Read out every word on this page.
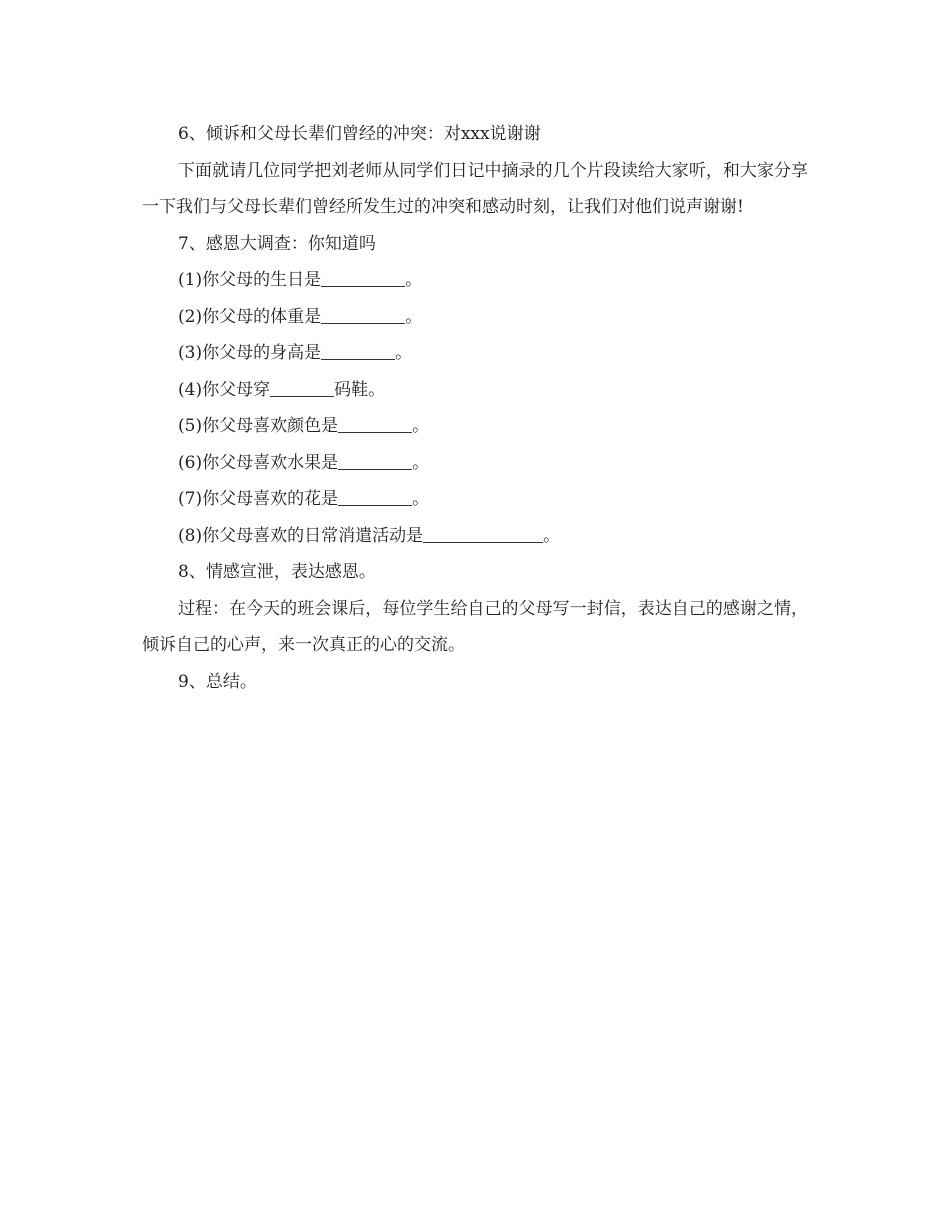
6、倾诉和父母长辈们曾经的冲突：对xxx说谢谢

下面就请几位同学把刘老师从同学们日记中摘录的几个片段读给大家听，和大家分享一下我们与父母长辈们曾经所发生过的冲突和感动时刻，让我们对他们说声谢谢!

7、感恩大调查：你知道吗
(1)你父母的生日是	。
(2)你父母的体重是	。
(3)你父母的身高是	。
(4)你父母穿	码鞋。
(5)你父母喜欢颜色是	。
(6)你父母喜欢水果是	。
(7)你父母喜欢的花是	。
(8)你父母喜欢的日常消遣活动是	。
8、情感宣泄，表达感恩。

过程：在今天的班会课后，每位学生给自己的父母写一封信，表达自己的感谢之情，倾诉自己的心声，来一次真正的心的交流。

9、总结。
